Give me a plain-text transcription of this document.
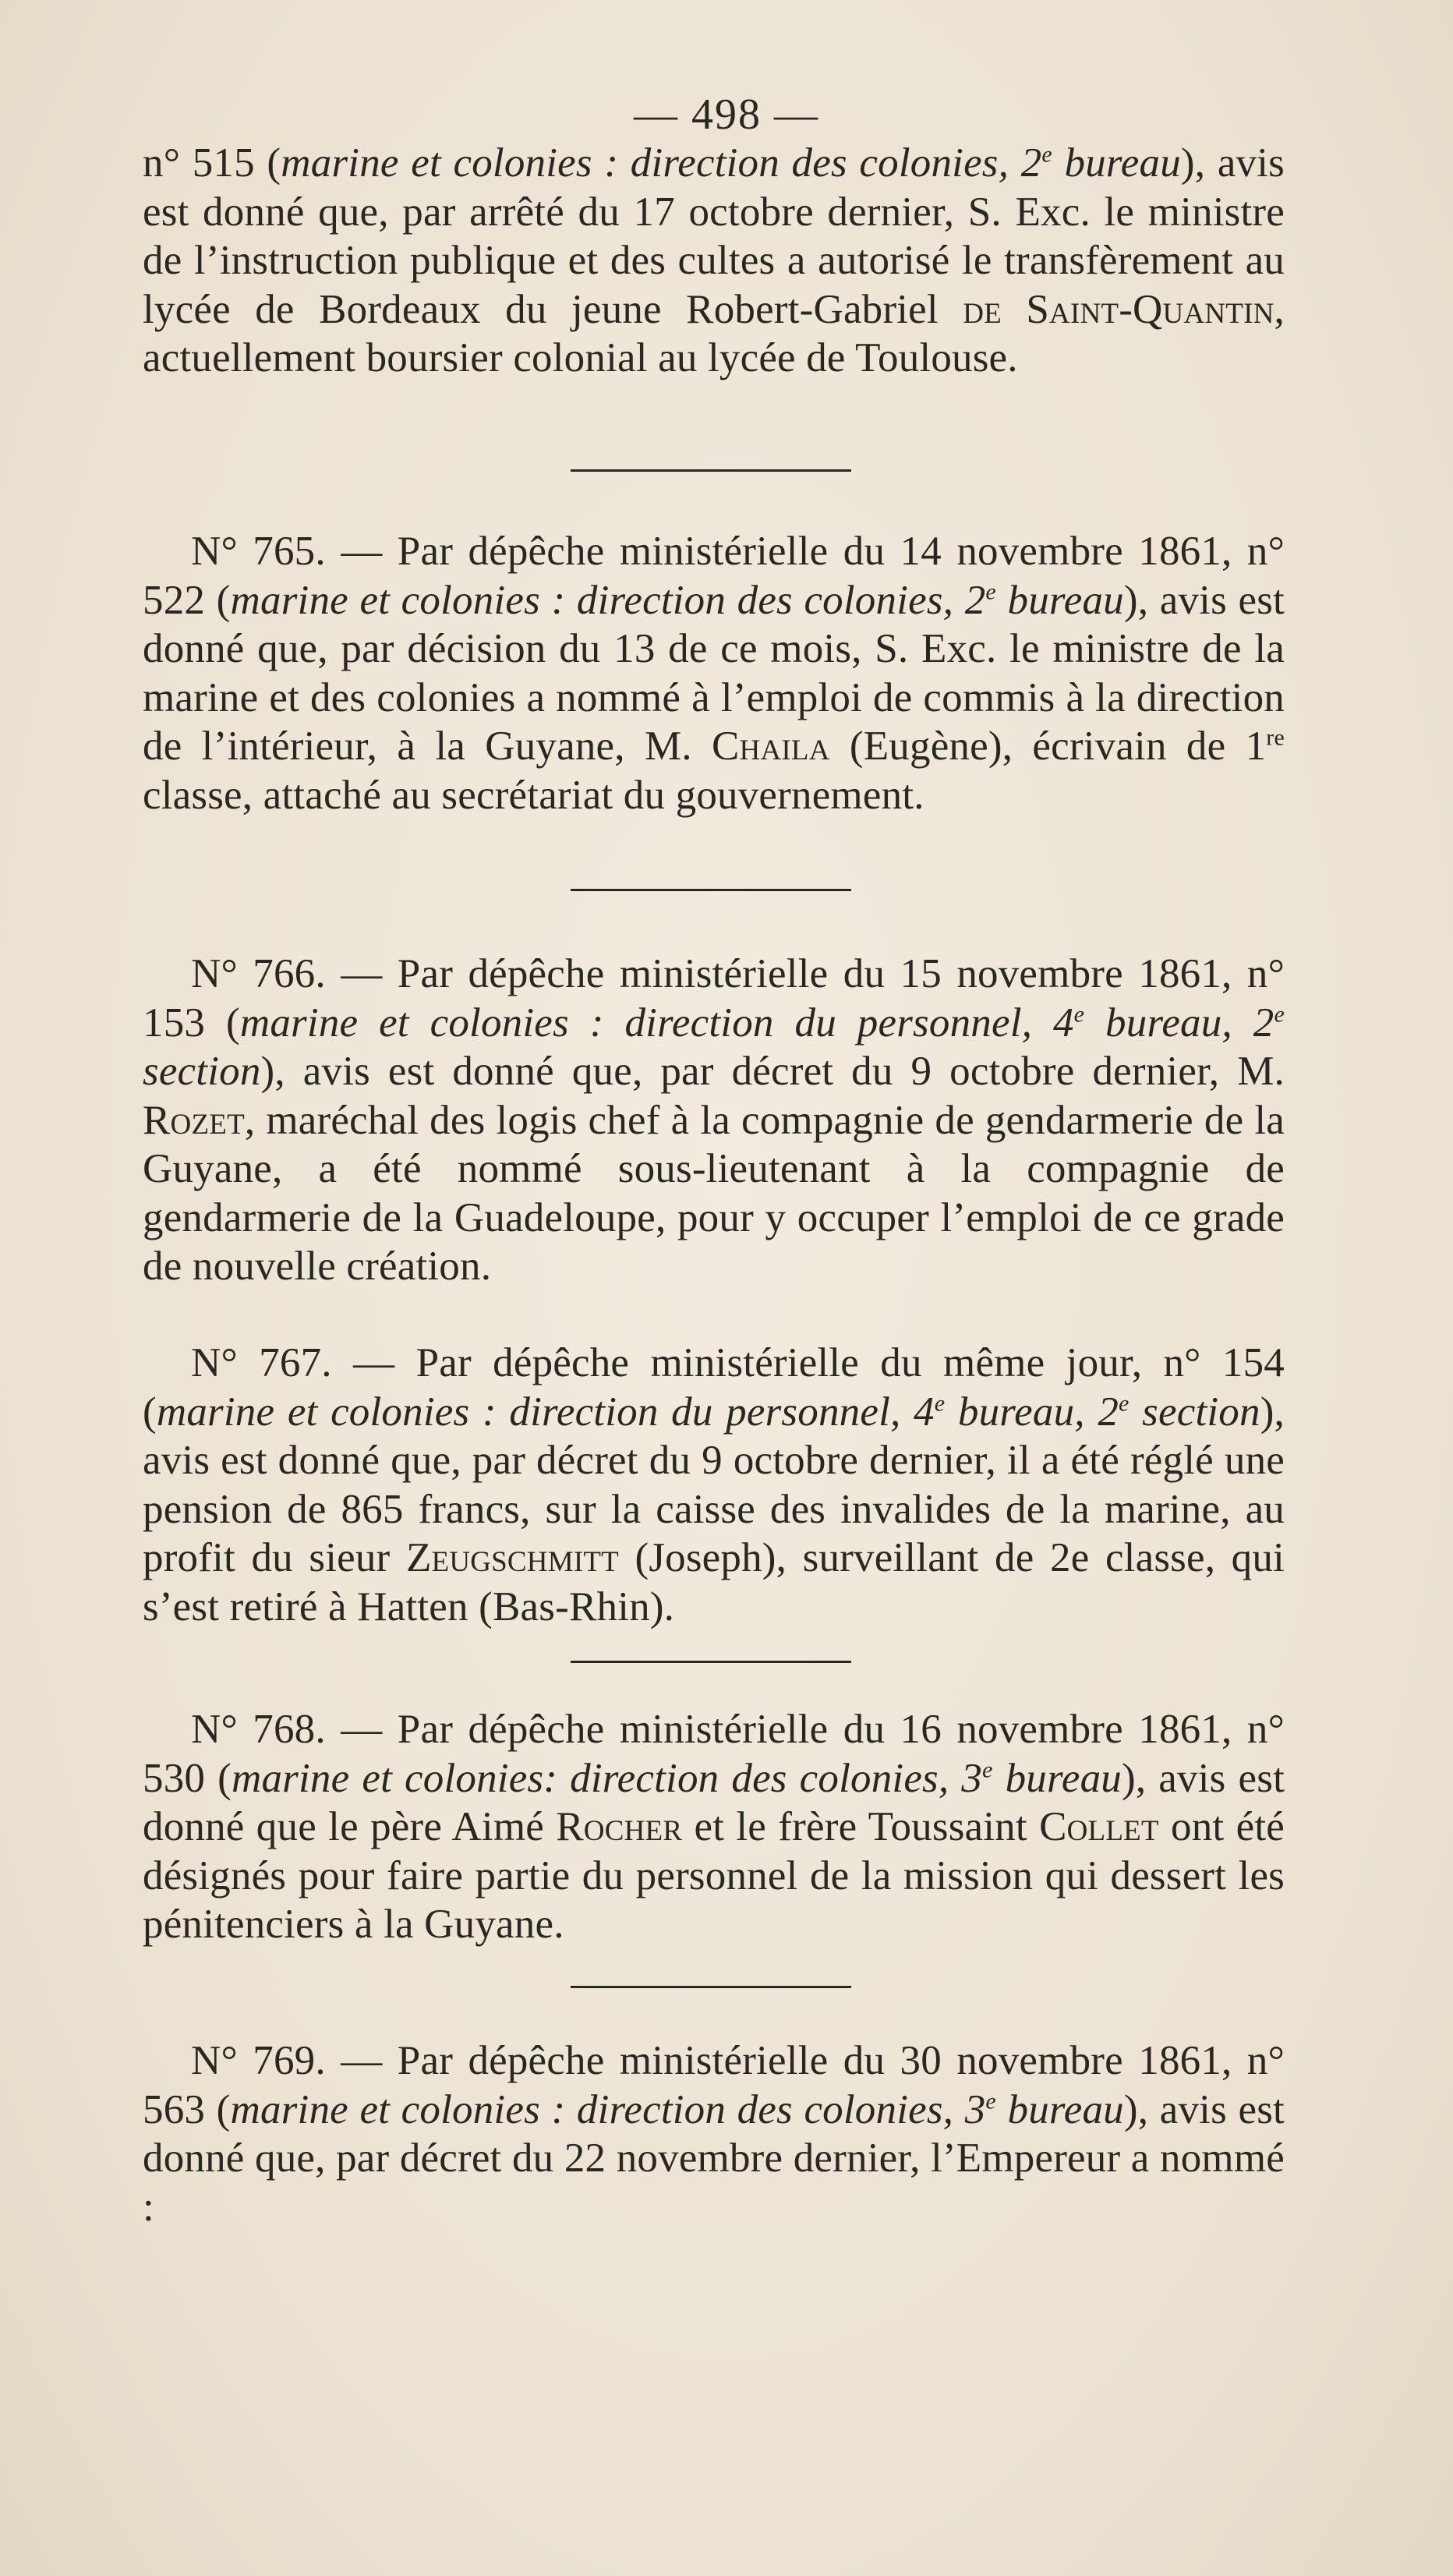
— 498 —

n° 515 (marine et colonies : direction des colonies, 2e bureau), avis est donné que, par arrêté du 17 octobre dernier, S. Exc. le ministre de l’instruction publique et des cultes a autorisé le transfèrement au lycée de Bordeaux du jeune Robert-Gabriel de Saint-Quantin, actuellement boursier colonial au lycée de Toulouse.

N° 765. — Par dépêche ministérielle du 14 novembre 1861, n° 522 (marine et colonies : direction des colonies, 2e bureau), avis est donné que, par décision du 13 de ce mois, S. Exc. le ministre de la marine et des colonies a nommé à l’emploi de commis à la direction de l’intérieur, à la Guyane, M. Chaila (Eugène), écrivain de 1re classe, attaché au secrétariat du gouvernement.

N° 766. — Par dépêche ministérielle du 15 novembre 1861, n° 153 (marine et colonies : direction du personnel, 4e bureau, 2e section), avis est donné que, par décret du 9 octobre dernier, M. Rozet, maréchal des logis chef à la compagnie de gendarmerie de la Guyane, a été nommé sous-lieutenant à la compagnie de gendarmerie de la Guadeloupe, pour y occuper l’emploi de ce grade de nouvelle création.

N° 767. — Par dépêche ministérielle du même jour, n° 154 (marine et colonies : direction du personnel, 4e bureau, 2e section), avis est donné que, par décret du 9 octobre dernier, il a été réglé une pension de 865 francs, sur la caisse des invalides de la marine, au profit du sieur Zeugschmitt (Joseph), surveillant de 2e classe, qui s’est retiré à Hatten (Bas-Rhin).

N° 768. — Par dépêche ministérielle du 16 novembre 1861, n° 530 (marine et colonies: direction des colonies, 3e bureau), avis est donné que le père Aimé Rocher et le frère Toussaint Collet ont été désignés pour faire partie du personnel de la mission qui dessert les pénitenciers à la Guyane.

N° 769. — Par dépêche ministérielle du 30 novembre 1861, n° 563 (marine et colonies : direction des colonies, 3e bureau), avis est donné que, par décret du 22 novembre dernier, l’Empereur a nommé :
